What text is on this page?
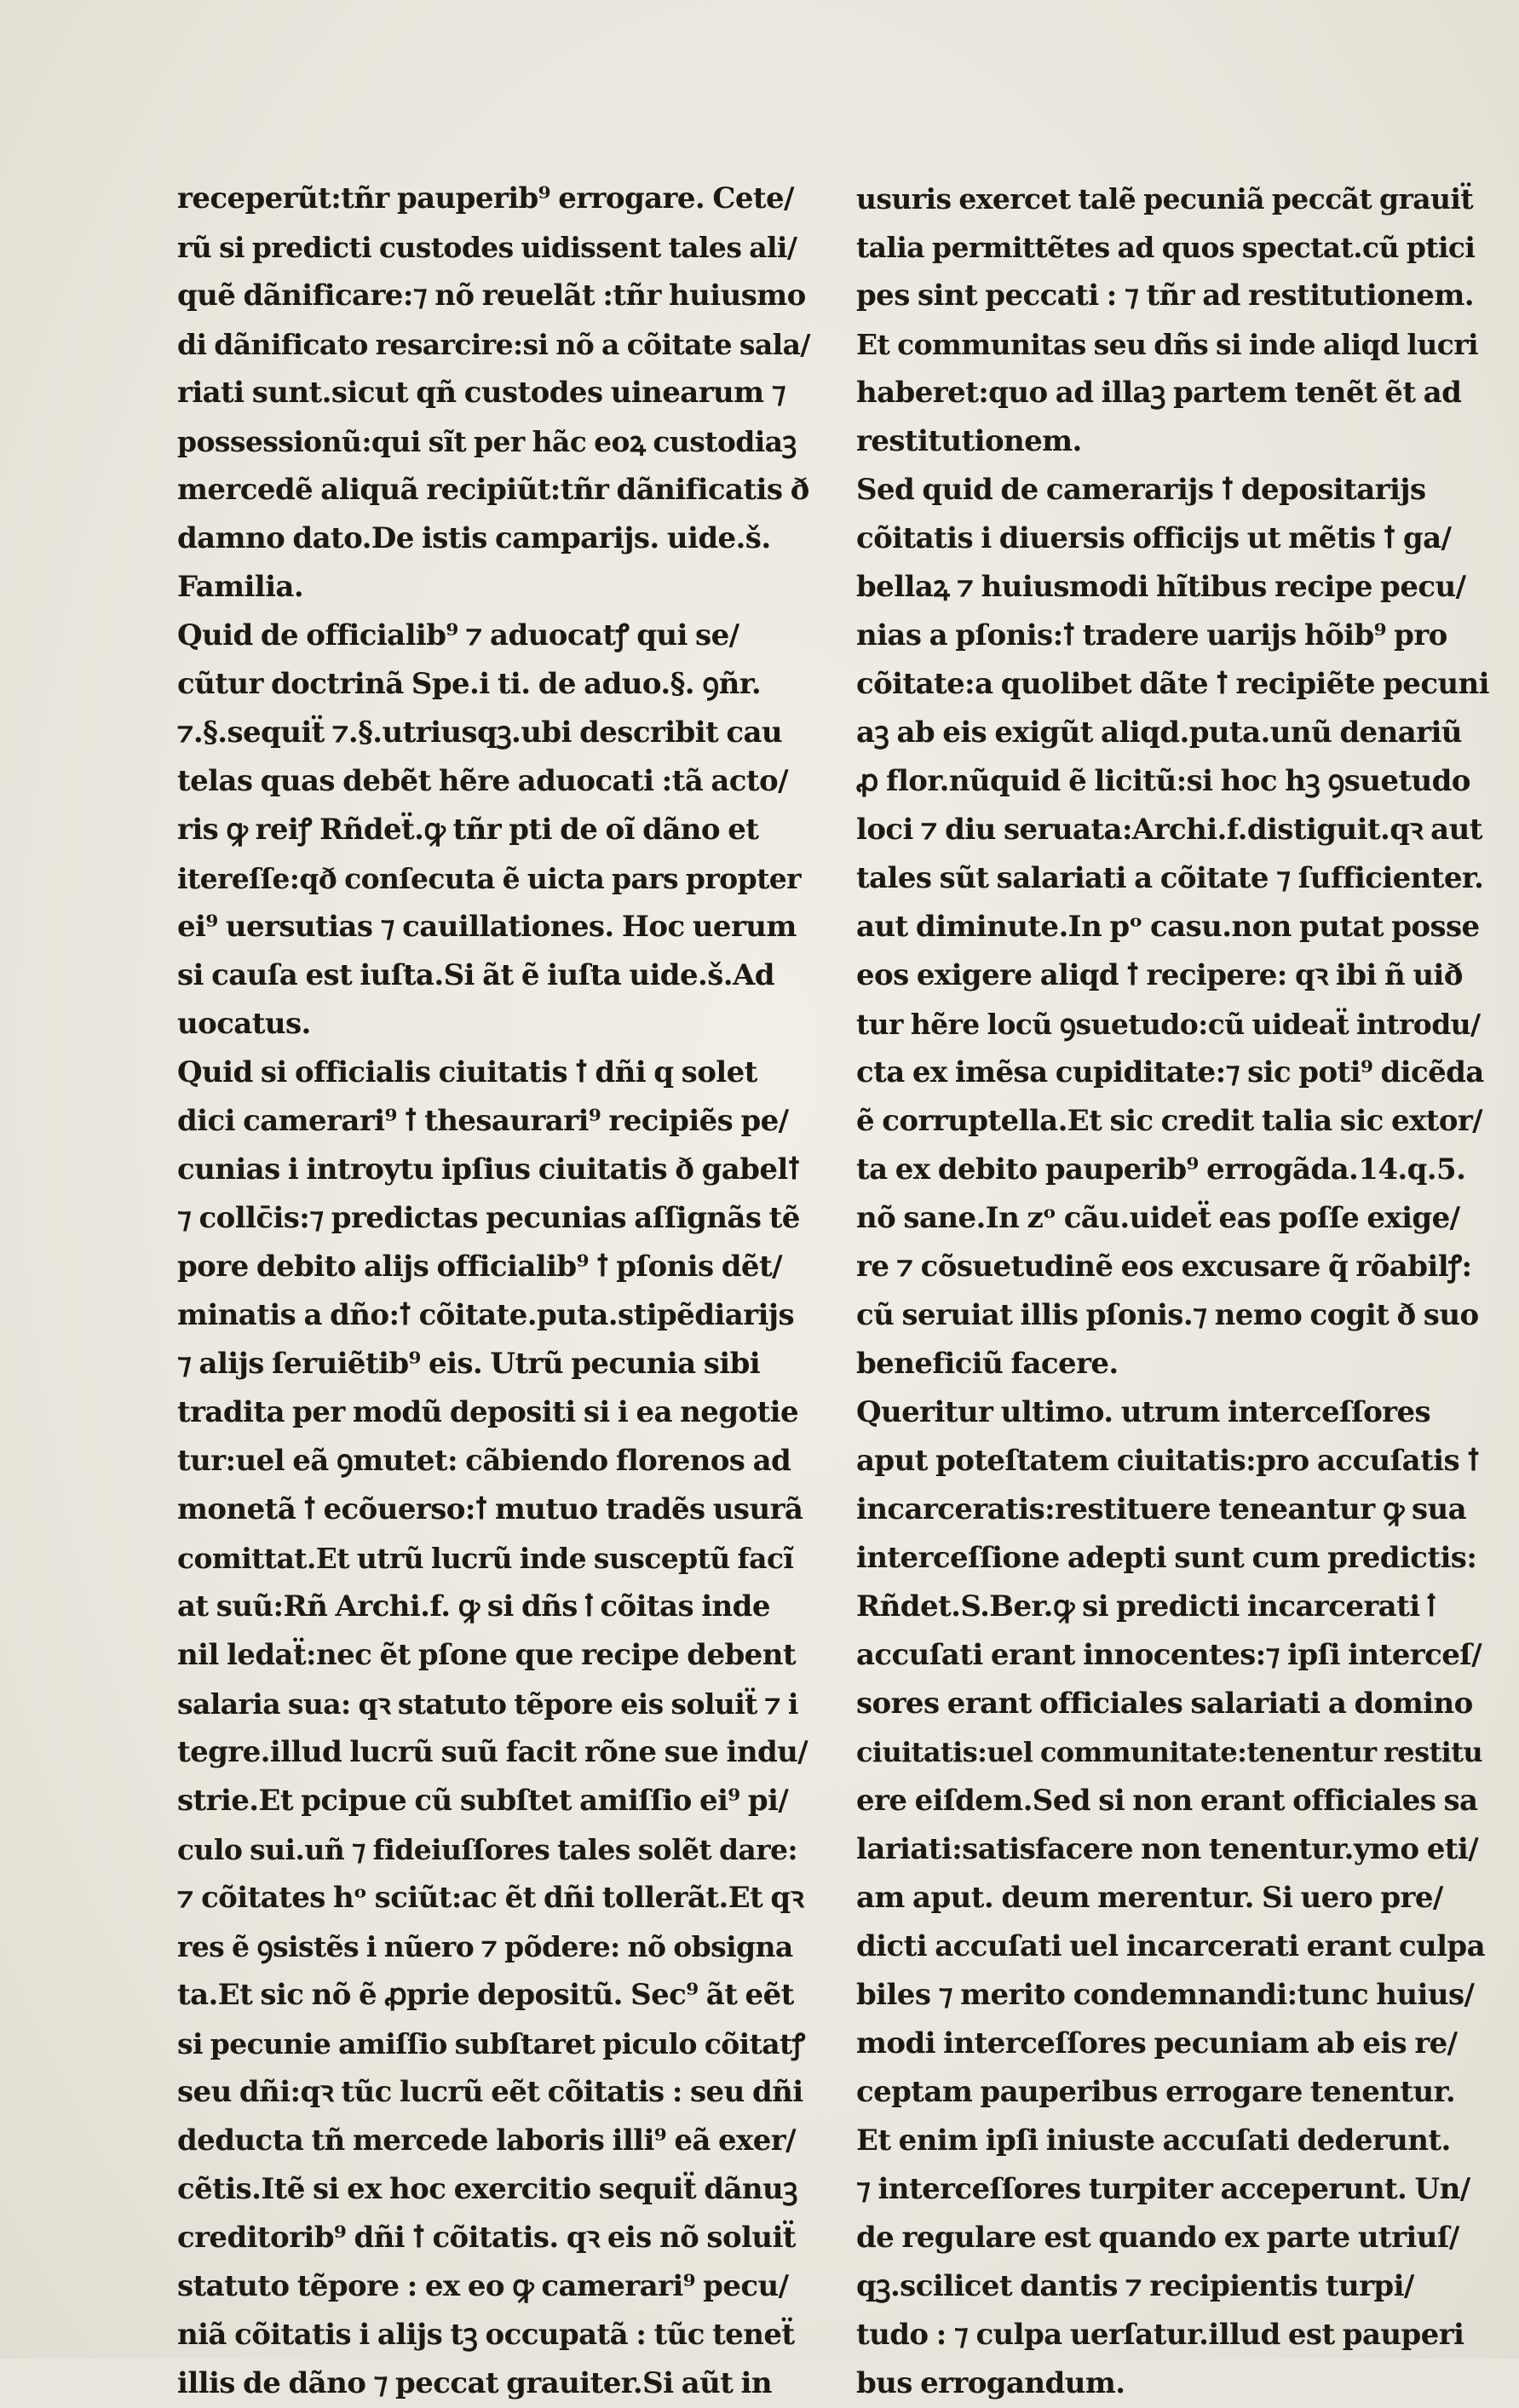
receperũt:tñr pauperib⁹ errogare. Cete/
rũ si predicti custodes uidissent tales ali/
quẽ dãnificare:⁊ nõ reuelãt :tñr huiusmo
di dãnificato resarcire:si nõ a cõitate sala/
riati sunt.sicut qñ custodes uinearum ⁊
possessionũ:qui sĩt per hãc eoꝝ custodiaꝫ
mercedẽ aliquã recipiũt:tñr dãnificatis ð
damno dato.De istis camparijs. uide.š.
Familia.
Quid de officialib⁹ ⁊ aduocatꝭ qui se/
cũtur doctrinã Spe.i ti. de aduo.§. ꝯñr.
⁊.§.sequiẗ ⁊.§.utriusqꝫ.ubi describit cau
telas quas debẽt hẽre aduocati :tã acto/
ris ꝙ reiꝭ Rñdeẗ.ꝙ tñr pti de oĩ dãno et
itereſſe:qð conſecuta ẽ uicta pars propter
ei⁹ uersutias ⁊ cauillationes. Hoc uerum
si cauſa est iuſta.Si ãt ẽ iuſta uide.š.Ad
uocatus.
Quid si officialis ciuitatis ꝉ dñi q solet
dici camerari⁹ ꝉ thesaurari⁹ recipiẽs pe/
cunias i introytu ipſius ciuitatis ð gabelꝉ
⁊ collc̄is:⁊ predictas pecunias aſſignãs tẽ
pore debito alijs officialib⁹ ꝉ pſonis dẽt/
minatis a dño:ꝉ cõitate.puta.stipẽdiarijs
⁊ alijs ſeruiẽtib⁹ eis. Utrũ pecunia sibi
tradita per modũ depositi si i ea negotie
tur:uel eã ꝯmutet: cãbiendo florenos ad
monetã ꝉ ecõuerso:ꝉ mutuo tradẽs usurã
comittat.Et utrũ lucrũ inde susceptũ facĩ
at suũ:Rñ Archi.f. ꝙ si dñs ꝉ cõitas inde
nil ledaẗ:nec ẽt pſone que recipe debent
salaria sua: qꝛ statuto tẽpore eis soluiẗ ⁊ i
tegre.illud lucrũ suũ facit rõne sue indu/
strie.Et pcipue cũ subſtet amiſſio ei⁹ pi/
culo sui.uñ ⁊ fideiuſſores tales solẽt dare:
⁊ cõitates hᵒ sciũt:ac ẽt dñi tollerãt.Et qꝛ
res ẽ ꝯsistẽs i nũero ⁊ põdere: nõ obsigna
ta.Et sic nõ ẽ ꝓprie depositũ. Sec⁹ ãt eẽt
si pecunie amiſſio subſtaret piculo cõitatꝭ
seu dñi:qꝛ tũc lucrũ eẽt cõitatis : seu dñi
deducta tñ mercede laboris illi⁹ eã exer/
cẽtis.Itẽ si ex hoc exercitio sequiẗ dãnuꝫ
creditorib⁹ dñi ꝉ cõitatis. qꝛ eis nõ soluiẗ
statuto tẽpore : ex eo ꝙ camerari⁹ pecu/
niã cõitatis i alijs tꝫ occupatã : tũc teneẗ
illis de dãno ⁊ peccat grauiter.Si aũt in
usuris exercet talẽ pecuniã peccãt grauiẗ
talia permittẽtes ad quos spectat.cũ ptici
pes sint peccati : ⁊ tñr ad restitutionem.
Et communitas seu dñs si inde aliqd lucri
haberet:quo ad illaꝫ partem tenẽt ẽt ad
restitutionem.
Sed quid de camerarijs ꝉ depositarijs
cõitatis i diuersis officijs ut mẽtis ꝉ ga/
bellaꝝ ⁊ huiusmodi hĩtibus recipe pecu/
nias a pſonis:ꝉ tradere uarijs hõib⁹ pro
cõitate:a quolibet dãte ꝉ recipiẽte pecuni
aꝫ ab eis exigũt aliqd.puta.unũ denariũ
ꝓ flor.nũquid ẽ licitũ:si hoc hꝫ ꝯsuetudo
loci ⁊ diu seruata:Archi.f.distiguit.qꝛ aut
tales sũt salariati a cõitate ⁊ ſufficienter.
aut diminute.In pᵒ casu.non putat posse
eos exigere aliqd ꝉ recipere: qꝛ ibi ñ uið
tur hẽre locũ ꝯsuetudo:cũ uideaẗ introdu/
cta ex imẽsa cupiditate:⁊ sic poti⁹ dicẽda
ẽ corruptella.Et sic credit talia sic extor/
ta ex debito pauperib⁹ errogãda.14.q.5.
nõ sane.In zᵒ cãu.uideẗ eas poſſe exige/
re ⁊ cõsuetudinẽ eos excusare q̃ rõabilꝭ:
cũ seruiat illis pſonis.⁊ nemo cogit ð suo
beneficiũ facere.
Queritur ultimo. utrum interceſſores
aput poteſtatem ciuitatis:pro accuſatis ꝉ
incarceratis:restituere teneantur ꝙ sua
interceſſione adepti sunt cum predictis:
Rñdet.S.Ber.ꝙ si predicti incarcerati ꝉ
accuſati erant innocentes:⁊ ipſi interceſ/
sores erant officiales salariati a domino
ciuitatis:uel communitate:tenentur restitu
ere eiſdem.Sed si non erant officiales sa
lariati:satisfacere non tenentur.ymo eti/
am aput. deum merentur. Si uero pre/
dicti accuſati uel incarcerati erant culpa
biles ⁊ merito condemnandi:tunc huius/
modi interceſſores pecuniam ab eis re/
ceptam pauperibus errogare tenentur.
Et enim ipſi iniuste accuſati dederunt.
⁊ interceſſores turpiter acceperunt. Un/
de regulare est quando ex parte utriuſ/
qꝫ.scilicet dantis ⁊ recipientis turpi/
tudo : ⁊ culpa uerſatur.illud est pauperi
bus errogandum.
